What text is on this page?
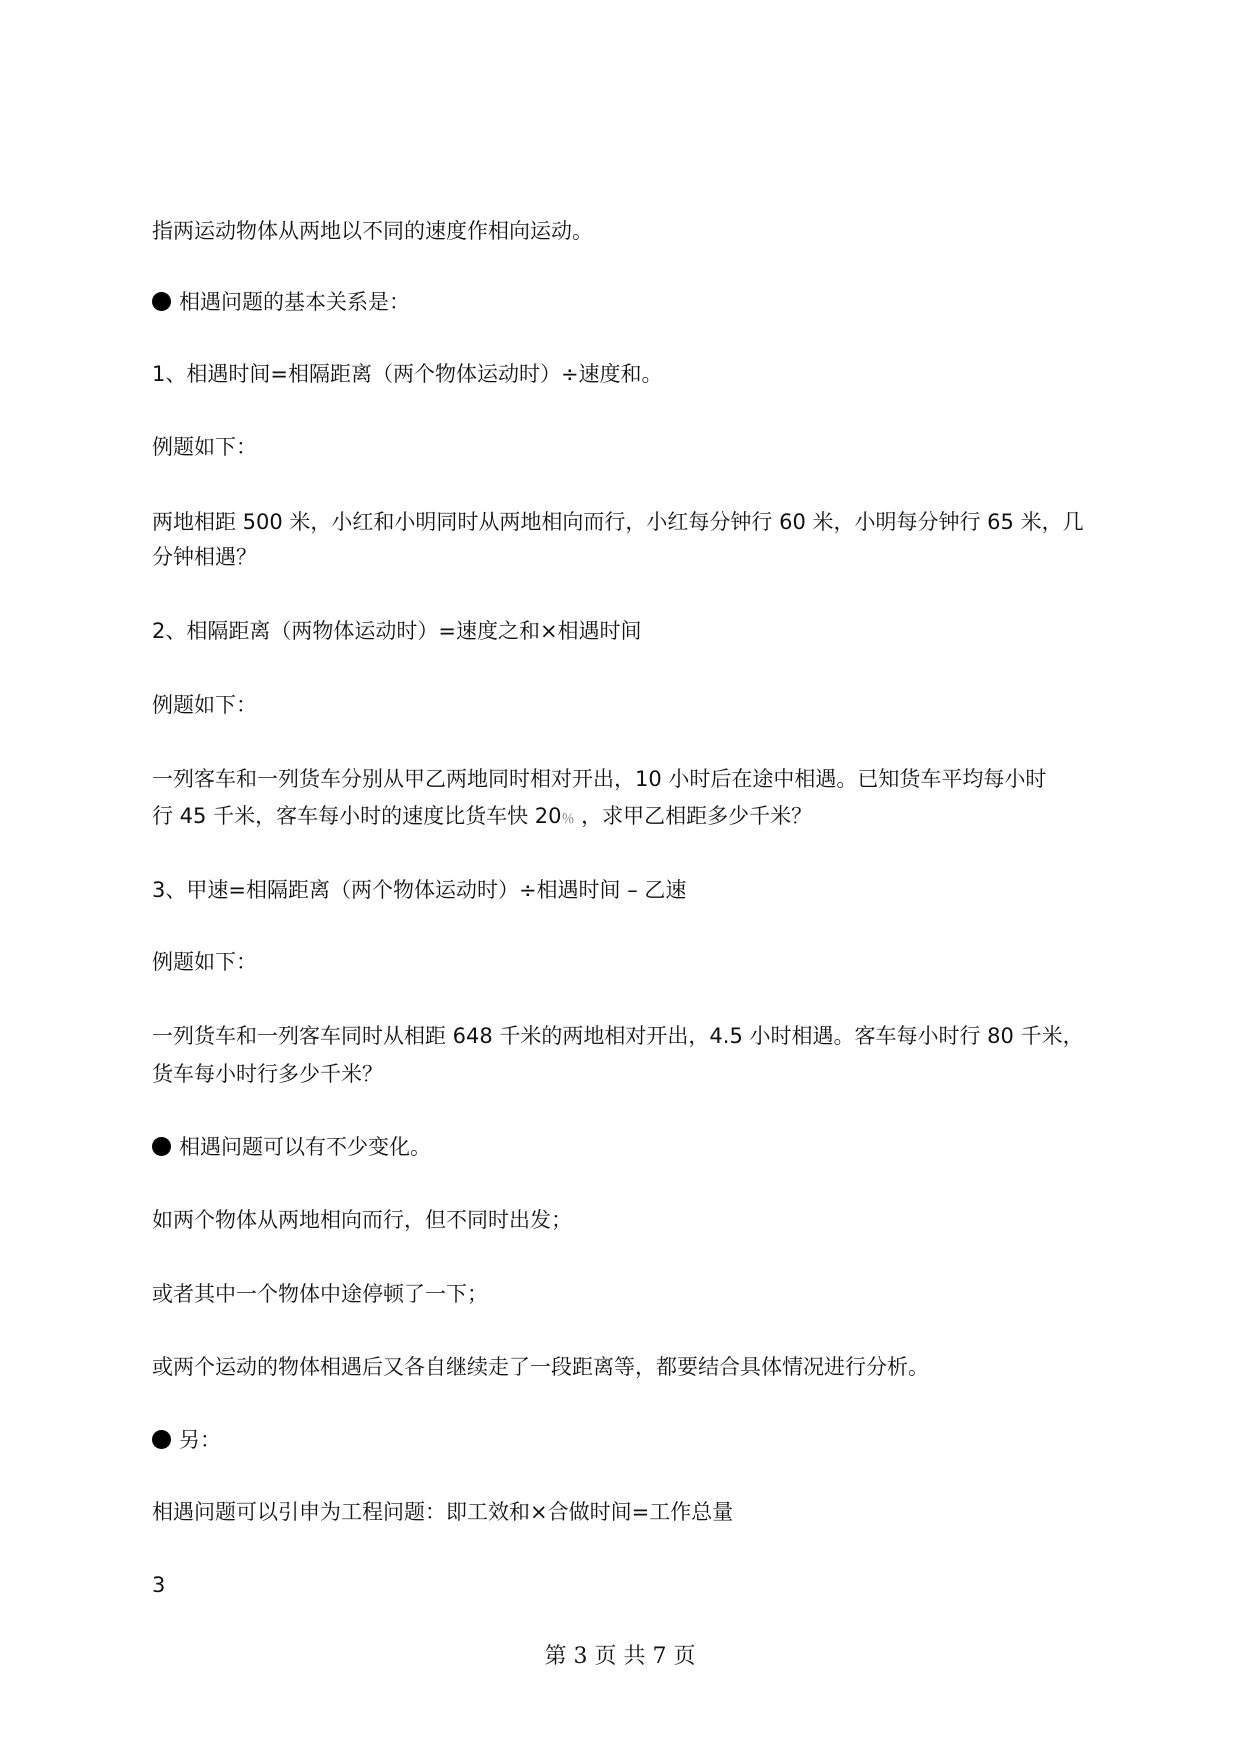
指两运动物体从两地以不同的速度作相向运动。
相遇问题的基本关系是：
1、相遇时间=相隔距离（两个物体运动时）÷速度和。
例题如下：
两地相距 500 米，小红和小明同时从两地相向而行，小红每分钟行 60 米，小明每分钟行 65 米，几
分钟相遇？
2、相隔距离（两物体运动时）=速度之和×相遇时间
例题如下：
一列客车和一列货车分别从甲乙两地同时相对开出，10 小时后在途中相遇。已知货车平均每小时
行 45 千米，客车每小时的速度比货车快 20％ ，求甲乙相距多少千米？
3、甲速=相隔距离（两个物体运动时）÷相遇时间 – 乙速
例题如下：
一列货车和一列客车同时从相距 648 千米的两地相对开出，4.5 小时相遇。客车每小时行 80 千米，
货车每小时行多少千米？
相遇问题可以有不少变化。
如两个物体从两地相向而行，但不同时出发；
或者其中一个物体中途停顿了一下；
或两个运动的物体相遇后又各自继续走了一段距离等，都要结合具体情况进行分析。
另：
相遇问题可以引申为工程问题：即工效和×合做时间=工作总量
3
第 3 页 共 7 页
